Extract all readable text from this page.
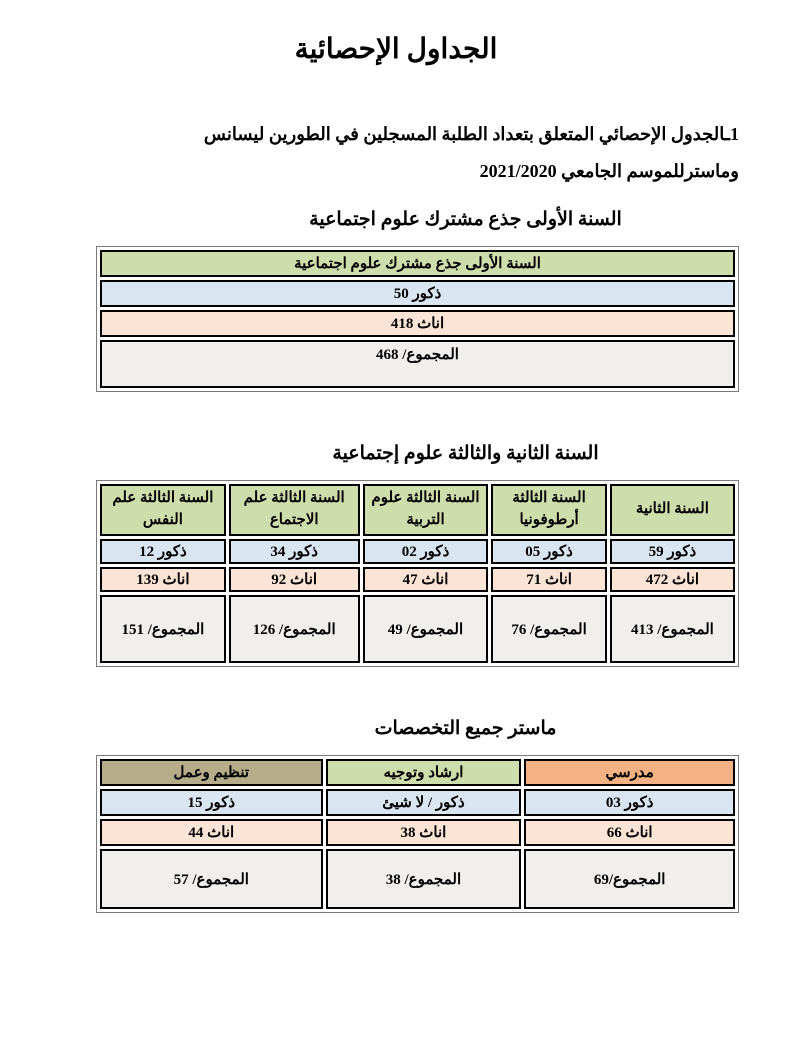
الجداول الإحصائية
1ـالجدول الإحصائي المتعلق بتعداد الطلبة المسجلين في الطورين ليسانس
وماسترللموسم الجامعي 2021/2020
السنة الأولى جذع مشترك علوم اجتماعية
السنة الأولى جذع مشترك علوم اجتماعية
ذكور 50
اناث 418
المجموع/ 468
السنة الثانية والثالثة علوم إجتماعية
السنة الثانية	السنة الثالثة أرطوفونيا	السنة الثالثة علوم التربية	السنة الثالثة علم الاجتماع	السنة الثالثة علم النفس
ذكور 59	ذكور 05	ذكور 02	ذكور 34	ذكور 12
اناث 472	اناث 71	اناث 47	اناث 92	اناث 139
المجموع/ 413	المجموع/ 76	المجموع/ 49	المجموع/ 126	المجموع/ 151
ماستر جميع التخصصات
مدرسي	ارشاد وتوجيه	تنظيم وعمل
ذكور 03	ذكور / لا شيئ	ذكور 15
اناث 66	اناث 38	اناث 44
المجموع/69	المجموع/ 38	المجموع/ 57
